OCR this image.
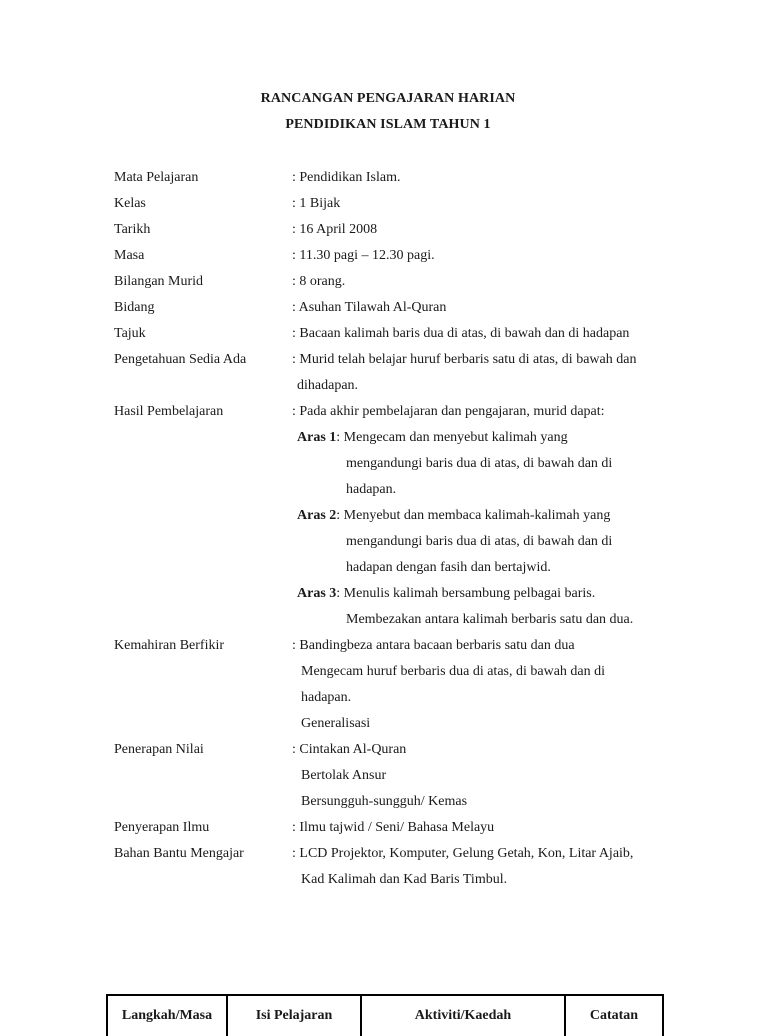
RANCANGAN PENGAJARAN HARIAN
PENDIDIKAN ISLAM TAHUN 1
Mata Pelajaran	: Pendidikan Islam.
Kelas	: 1 Bijak
Tarikh	: 16 April 2008
Masa	: 11.30 pagi – 12.30 pagi.
Bilangan Murid	: 8 orang.
Bidang	: Asuhan Tilawah Al-Quran
Tajuk	: Bacaan kalimah baris dua di atas, di bawah dan di hadapan
Pengetahuan Sedia Ada	: Murid telah belajar huruf berbaris satu di atas, di bawah dan
dihadapan.
Hasil Pembelajaran	: Pada akhir pembelajaran dan pengajaran, murid dapat:
Aras 1: Mengecam dan menyebut kalimah yang
mengandungi baris dua di atas, di bawah dan di
hadapan.
Aras 2: Menyebut dan membaca kalimah-kalimah yang
mengandungi baris dua di atas, di bawah dan di
hadapan dengan fasih dan bertajwid.
Aras 3: Menulis kalimah bersambung pelbagai baris.
Membezakan antara kalimah berbaris satu dan dua.
Kemahiran Berfikir	: Bandingbeza antara bacaan berbaris satu dan dua
Mengecam huruf berbaris dua di atas, di bawah dan di
hadapan.
Generalisasi
Penerapan Nilai	: Cintakan Al-Quran
Bertolak Ansur
Bersungguh-sungguh/ Kemas
Penyerapan Ilmu	: Ilmu tajwid / Seni/ Bahasa Melayu
Bahan Bantu Mengajar	: LCD Projektor, Komputer, Gelung Getah, Kon, Litar Ajaib,
Kad Kalimah dan Kad Baris Timbul.
Langkah/Masa	Isi Pelajaran	Aktiviti/Kaedah	Catatan
